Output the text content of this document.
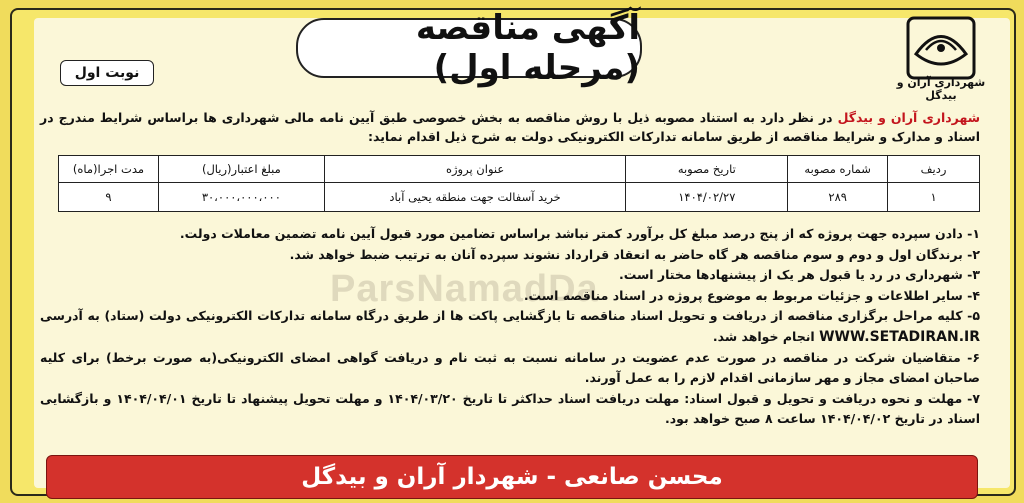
ParsNamadDa
شهرداری آران و بیدگل
آگهی مناقصه (مرحله اول)
نوبت اول
شهرداری آران و بیدگل در نظر دارد به استناد مصوبه ذیل با روش مناقصه به بخش خصوصی طبق آیین نامه مالی شهرداری ها براساس شرایط مندرج در اسناد و مدارک و شرایط مناقصه از طریق سامانه تدارکات الکترونیکی دولت به شرح ذیل اقدام نماید:
ردیف	شماره مصوبه	تاریخ مصوبه	عنوان پروژه	مبلغ اعتبار(ریال)	مدت اجرا(ماه)
۱	۲۸۹	۱۴۰۴/۰۲/۲۷	خرید آسفالت جهت منطقه یحیی آباد	۳۰،۰۰۰،۰۰۰،۰۰۰	۹

۱- دادن سپرده جهت پروژه که از پنج درصد مبلغ کل برآورد کمتر نباشد براساس تضامین مورد قبول آیین نامه تضمین معاملات دولت.

۲- برندگان اول و دوم و سوم مناقصه هر گاه حاضر به انعقاد قرارداد نشوند سپرده آنان به ترتیب ضبط خواهد شد.

۳- شهرداری در رد یا قبول هر یک از پیشنهادها مختار است.

۴- سایر اطلاعات و جزئیات مربوط به موضوع پروژه در اسناد مناقصه است.

۵- کلیه مراحل برگزاری مناقصه از دریافت و تحویل اسناد مناقصه تا بازگشایی پاکت ها از طریق درگاه سامانه تدارکات الکترونیکی دولت (ستاد) به آدرسی WWW.SETADIRAN.IR انجام خواهد شد.

۶- متقاضیان شرکت در مناقصه در صورت عدم عضویت در سامانه نسبت به ثبت نام و دریافت گواهی امضای الکترونیکی(به صورت برخط) برای کلیه صاحبان امضای مجاز و مهر سازمانی اقدام لازم را به عمل آورند.

۷- مهلت و نحوه دریافت و تحویل و قبول اسناد: مهلت دریافت اسناد حداکثر تا تاریخ ۱۴۰۴/۰۳/۲۰ و مهلت تحویل پیشنهاد تا تاریخ ۱۴۰۴/۰۴/۰۱ و بازگشایی اسناد در تاریخ ۱۴۰۴/۰۴/۰۲ ساعت ۸ صبح خواهد بود.

محسن صانعی - شهردار آران و بیدگل
